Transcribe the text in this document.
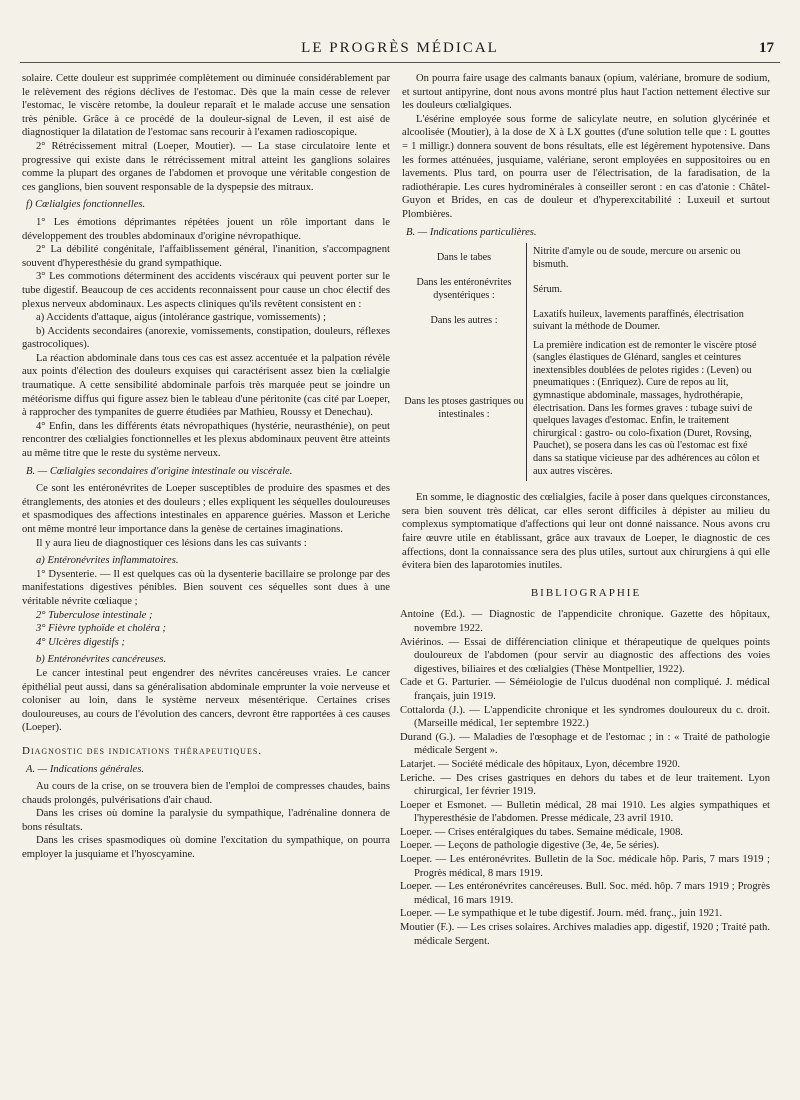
LE PROGRÈS MÉDICAL	17

solaire. Cette douleur est supprimée complètement ou diminuée considérablement par le relèvement des régions déclives de l'estomac. Dès que la main cesse de relever l'estomac, le viscère retombe, la douleur reparaît et le malade accuse une sensation très pénible. Grâce à ce procédé de la douleur-signal de Leven, il est aisé de diagnostiquer la dilatation de l'estomac sans recourir à l'examen radioscopique.

2° Rétrécissement mitral (Loeper, Moutier). — La stase circulatoire lente et progressive qui existe dans le rétrécissement mitral atteint les ganglions solaires comme la plupart des organes de l'abdomen et provoque une véritable congestion de ces ganglions, bien souvent responsable de la dyspepsie des mitraux.

f) Cœlialgies fonctionnelles.

1° Les émotions déprimantes répétées jouent un rôle important dans le développement des troubles abdominaux d'origine névropathique.

2° La débilité congénitale, l'affaiblissement général, l'inanition, s'accompagnent souvent d'hyperesthésie du grand sympathique.

3° Les commotions déterminent des accidents viscéraux qui peuvent porter sur le tube digestif. Beaucoup de ces accidents reconnaissent pour cause un choc électif des plexus nerveux abdominaux. Les aspects cliniques qu'ils revêtent consistent en :

a) Accidents d'attaque, aigus (intolérance gastrique, vomissements) ;

b) Accidents secondaires (anorexie, vomissements, constipation, douleurs, réflexes gastrocoliques).

La réaction abdominale dans tous ces cas est assez accentuée et la palpation révèle aux points d'élection des douleurs exquises qui caractérisent assez bien la cœlialgie traumatique. A cette sensibilité abdominale parfois très marquée peut se joindre un météorisme diffus qui figure assez bien le tableau d'une péritonite (cas cité par Loeper, à rapprocher des tympanites de guerre étudiées par Mathieu, Roussy et Denechau).

4° Enfin, dans les différents états névropathiques (hystérie, neurasthénie), on peut rencontrer des cœlialgies fonctionnelles et les plexus abdominaux peuvent être atteints au même titre que le reste du système nerveux.

B. — Cœlialgies secondaires d'origine intestinale ou viscérale.

Ce sont les entéronévrites de Loeper susceptibles de produire des spasmes et des étranglements, des atonies et des douleurs ; elles expliquent les séquelles douloureuses et spasmodiques des affections intestinales en apparence guéries. Masson et Leriche ont même montré leur importance dans la genèse de certaines imaginations.

Il y aura lieu de diagnostiquer ces lésions dans les cas suivants :

a) Entéronévrites inflammatoires.

1° Dysenterie. — Il est quelques cas où la dysenterie bacillaire se prolonge par des manifestations digestives pénibles. Bien souvent ces séquelles sont dues à une véritable névrite cœliaque ;

2° Tuberculose intestinale ;

3° Fièvre typhoïde et choléra ;

4° Ulcères digestifs ;

b) Entéronévrites cancéreuses.

Le cancer intestinal peut engendrer des névrites cancéreuses vraies. Le cancer épithélial peut aussi, dans sa généralisation abdominale emprunter la voie nerveuse et coloniser au loin, dans le système nerveux mésentérique. Certaines crises douloureuses, au cours de l'évolution des cancers, devront être rapportées à ces causes (Loeper).

Diagnostic des indications thérapeutiques.

A. — Indications générales.

Au cours de la crise, on se trouvera bien de l'emploi de compresses chaudes, bains chauds prolongés, pulvérisations d'air chaud.

Dans les crises où domine la paralysie du sympathique, l'adrénaline donnera de bons résultats.

Dans les crises spasmodiques où domine l'excitation du sympathique, on pourra employer la jusquiame et l'hyoscyamine.

On pourra faire usage des calmants banaux (opium, valériane, bromure de sodium, et surtout antipyrine, dont nous avons montré plus haut l'action nettement élective sur les douleurs cœlialgiques.

L'ésérine employée sous forme de salicylate neutre, en solution glycérinée et alcoolisée (Moutier), à la dose de X à LX gouttes (d'une solution telle que : L gouttes = 1 milligr.) donnera souvent de bons résultats, elle est légèrement hypotensive. Dans les formes atténuées, jusquiame, valériane, seront employées en suppositoires ou en lavements. Plus tard, on pourra user de l'électrisation, de la faradisation, de la radiothérapie. Les cures hydrominérales à conseiller seront : en cas d'atonie : Châtel-Guyon et Brides, en cas de douleur et d'hyperexcitabilité : Luxeuil et surtout Plombières.

B. — Indications particulières.

Dans le tabes	Nitrite d'amyle ou de soude, mercure ou arsenic ou bismuth.
Dans les entéronévrites dysentériques :	Sérum.
Dans les autres :	Laxatifs huileux, lavements paraffinés, électrisation suivant la méthode de Doumer.
Dans les ptoses gastriques ou intestinales :	La première indication est de remonter le viscère ptosé (sangles élastiques de Glénard, sangles et ceintures inextensibles doublées de pelotes rigides : (Leven) ou pneumatiques : (Enriquez). Cure de repos au lit, gymnastique abdominale, massages, hydrothérapie, électrisation. Dans les formes graves : tubage suivi de quelques lavages d'estomac. Enfin, le traitement chirurgical : gastro- ou colo-fixation (Duret, Rovsing, Pauchet), se posera dans les cas où l'estomac est fixé dans sa statique vicieuse par des adhérences au côlon et aux autres viscères.

En somme, le diagnostic des cœlialgies, facile à poser dans quelques circonstances, sera bien souvent très délicat, car elles seront difficiles à dépister au milieu du complexus symptomatique d'affections qui leur ont donné naissance. Nous avons cru faire œuvre utile en établissant, grâce aux travaux de Loeper, le diagnostic de ces affections, dont la connaissance sera des plus utiles, surtout aux chirurgiens à qui elle évitera bien des laparotomies inutiles.

BIBLIOGRAPHIE

Antoine (Ed.). — Diagnostic de l'appendicite chronique. Gazette des hôpitaux, novembre 1922.

Aviérinos. — Essai de différenciation clinique et thérapeutique de quelques points douloureux de l'abdomen (pour servir au diagnostic des affections des voies digestives, biliaires et des cœlialgies (Thèse Montpellier, 1922).

Cade et G. Parturier. — Séméiologie de l'ulcus duodénal non compliqué. J. médical français, juin 1919.

Cottalorda (J.). — L'appendicite chronique et les syndromes douloureux du c. droit. (Marseille médical, 1er septembre 1922.)

Durand (G.). — Maladies de l'œsophage et de l'estomac ; in : « Traité de pathologie médicale Sergent ».

Latarjet. — Société médicale des hôpitaux, Lyon, décembre 1920.

Leriche. — Des crises gastriques en dehors du tabes et de leur traitement. Lyon chirurgical, 1er février 1919.

Loeper et Esmonet. — Bulletin médical, 28 mai 1910. Les algies sympathiques et l'hyperesthésie de l'abdomen. Presse médicale, 23 avril 1910.

Loeper. — Crises entéralgiques du tabes. Semaine médicale, 1908.

Loeper. — Leçons de pathologie digestive (3e, 4e, 5e séries).

Loeper. — Les entéronévrites. Bulletin de la Soc. médicale hôp. Paris, 7 mars 1919 ; Progrès médical, 8 mars 1919.

Loeper. — Les entéronévrites cancéreuses. Bull. Soc. méd. hôp. 7 mars 1919 ; Progrès médical, 16 mars 1919.

Loeper. — Le sympathique et le tube digestif. Journ. méd. franç., juin 1921.

Moutier (F.). — Les crises solaires. Archives maladies app. digestif, 1920 ; Traité path. médicale Sergent.
